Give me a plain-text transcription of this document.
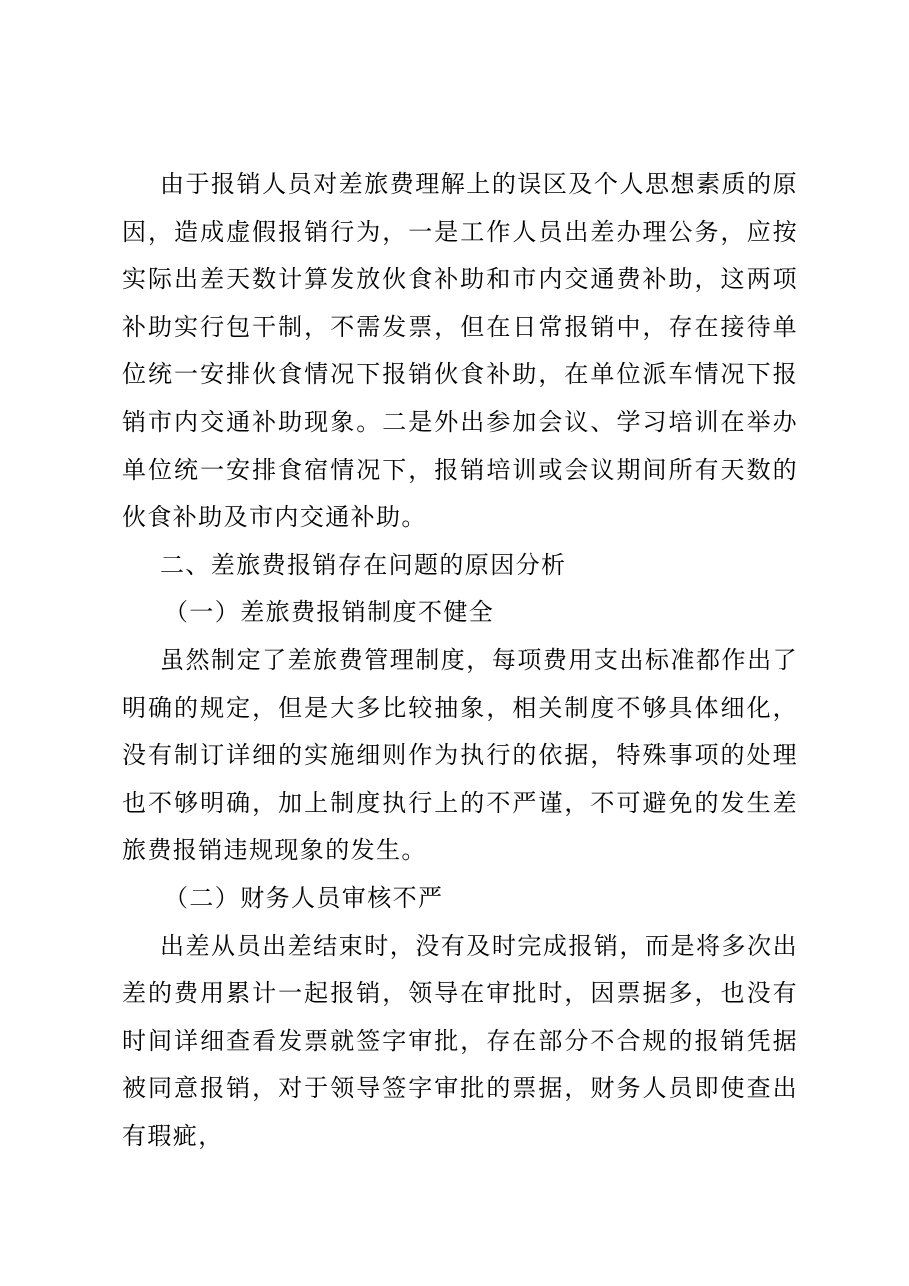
由于报销人员对差旅费理解上的误区及个人思想素质的原因，造成虚假报销行为，一是工作人员出差办理公务，应按实际出差天数计算发放伙食补助和市内交通费补助，这两项补助实行包干制，不需发票，但在日常报销中，存在接待单位统一安排伙食情况下报销伙食补助，在单位派车情况下报销市内交通补助现象。二是外出参加会议、学习培训在举办单位统一安排食宿情况下，报销培训或会议期间所有天数的伙食补助及市内交通补助。

二、差旅费报销存在问题的原因分析

（一）差旅费报销制度不健全

虽然制定了差旅费管理制度，每项费用支出标准都作出了明确的规定，但是大多比较抽象，相关制度不够具体细化，没有制订详细的实施细则作为执行的依据，特殊事项的处理也不够明确，加上制度执行上的不严谨，不可避免的发生差旅费报销违规现象的发生。

（二）财务人员审核不严

出差从员出差结束时，没有及时完成报销，而是将多次出差的费用累计一起报销，领导在审批时，因票据多，也没有时间详细查看发票就签字审批，存在部分不合规的报销凭据被同意报销，对于领导签字审批的票据，财务人员即使查出有瑕疵，
